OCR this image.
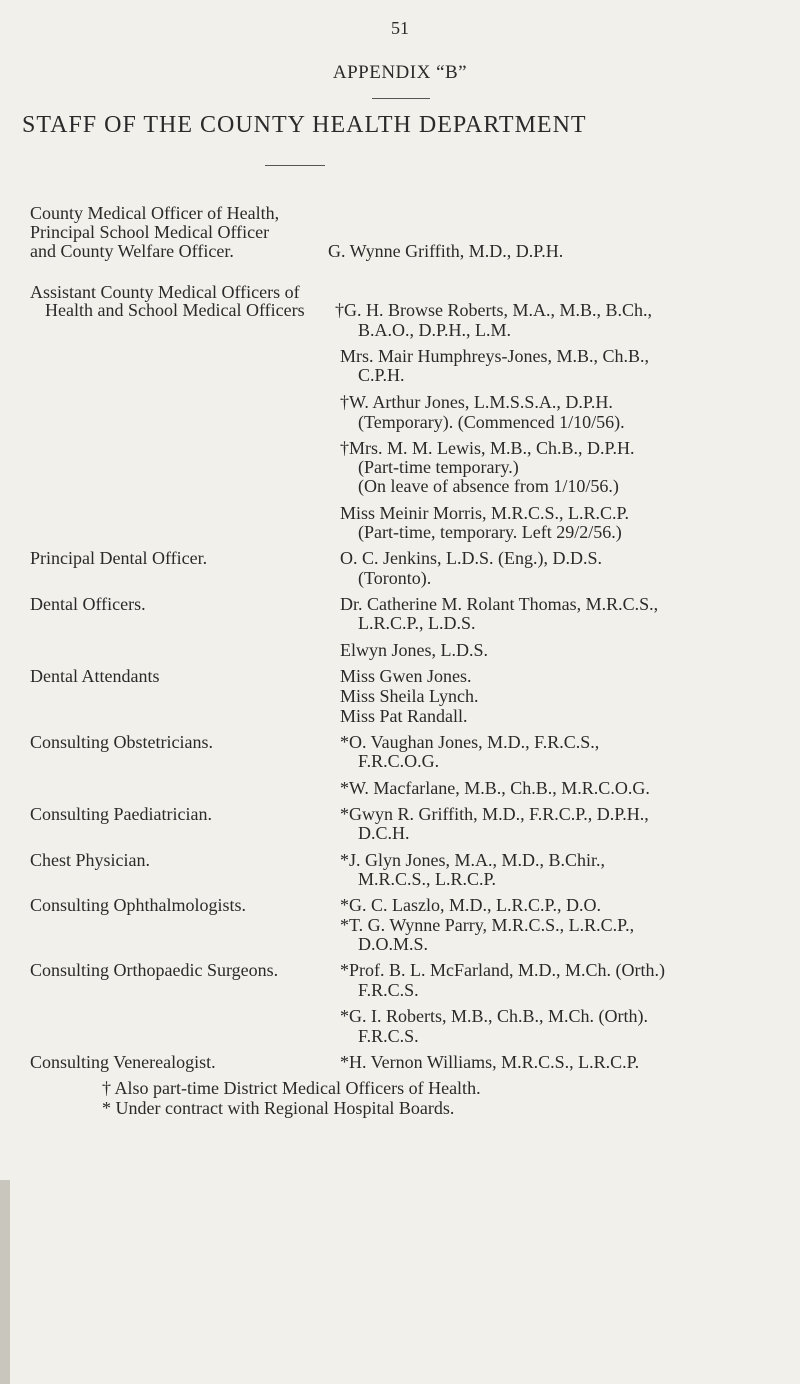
51
APPENDIX “B”
STAFF OF THE COUNTY HEALTH DEPARTMENT
County Medical Officer of Health,
Principal School Medical Officer
and County Welfare Officer.	G. Wynne Griffith, M.D., D.P.H.
Assistant County Medical Officers of
Health and School Medical Officers †G. H. Browse Roberts, M.A., M.B., B.Ch.,
B.A.O., D.P.H., L.M.
Mrs. Mair Humphreys-Jones, M.B., Ch.B.,
C.P.H.
†W. Arthur Jones, L.M.S.S.A., D.P.H.
(Temporary). (Commenced 1/10/56).
†Mrs. M. M. Lewis, M.B., Ch.B., D.P.H.
(Part-time temporary.)
(On leave of absence from 1/10/56.)
Miss Meinir Morris, M.R.C.S., L.R.C.P.
(Part-time, temporary. Left 29/2/56.)
Principal Dental Officer.	O. C. Jenkins, L.D.S. (Eng.), D.D.S.
(Toronto).
Dental Officers.	Dr. Catherine M. Rolant Thomas, M.R.C.S.,
L.R.C.P., L.D.S.
Elwyn Jones, L.D.S.
Dental Attendants	Miss Gwen Jones.
Miss Sheila Lynch.
Miss Pat Randall.
Consulting Obstetricians.	*O. Vaughan Jones, M.D., F.R.C.S.,
F.R.C.O.G.
*W. Macfarlane, M.B., Ch.B., M.R.C.O.G.
Consulting Paediatrician.	*Gwyn R. Griffith, M.D., F.R.C.P., D.P.H.,
D.C.H.
Chest Physician.	*J. Glyn Jones, M.A., M.D., B.Chir.,
M.R.C.S., L.R.C.P.
Consulting Ophthalmologists.	*G. C. Laszlo, M.D., L.R.C.P., D.O.
*T. G. Wynne Parry, M.R.C.S., L.R.C.P.,
D.O.M.S.
Consulting Orthopaedic Surgeons.	*Prof. B. L. McFarland, M.D., M.Ch. (Orth.)
F.R.C.S.
*G. I. Roberts, M.B., Ch.B., M.Ch. (Orth).
F.R.C.S.
Consulting Venerealogist.	*H. Vernon Williams, M.R.C.S., L.R.C.P.
† Also part-time District Medical Officers of Health.
* Under contract with Regional Hospital Boards.
